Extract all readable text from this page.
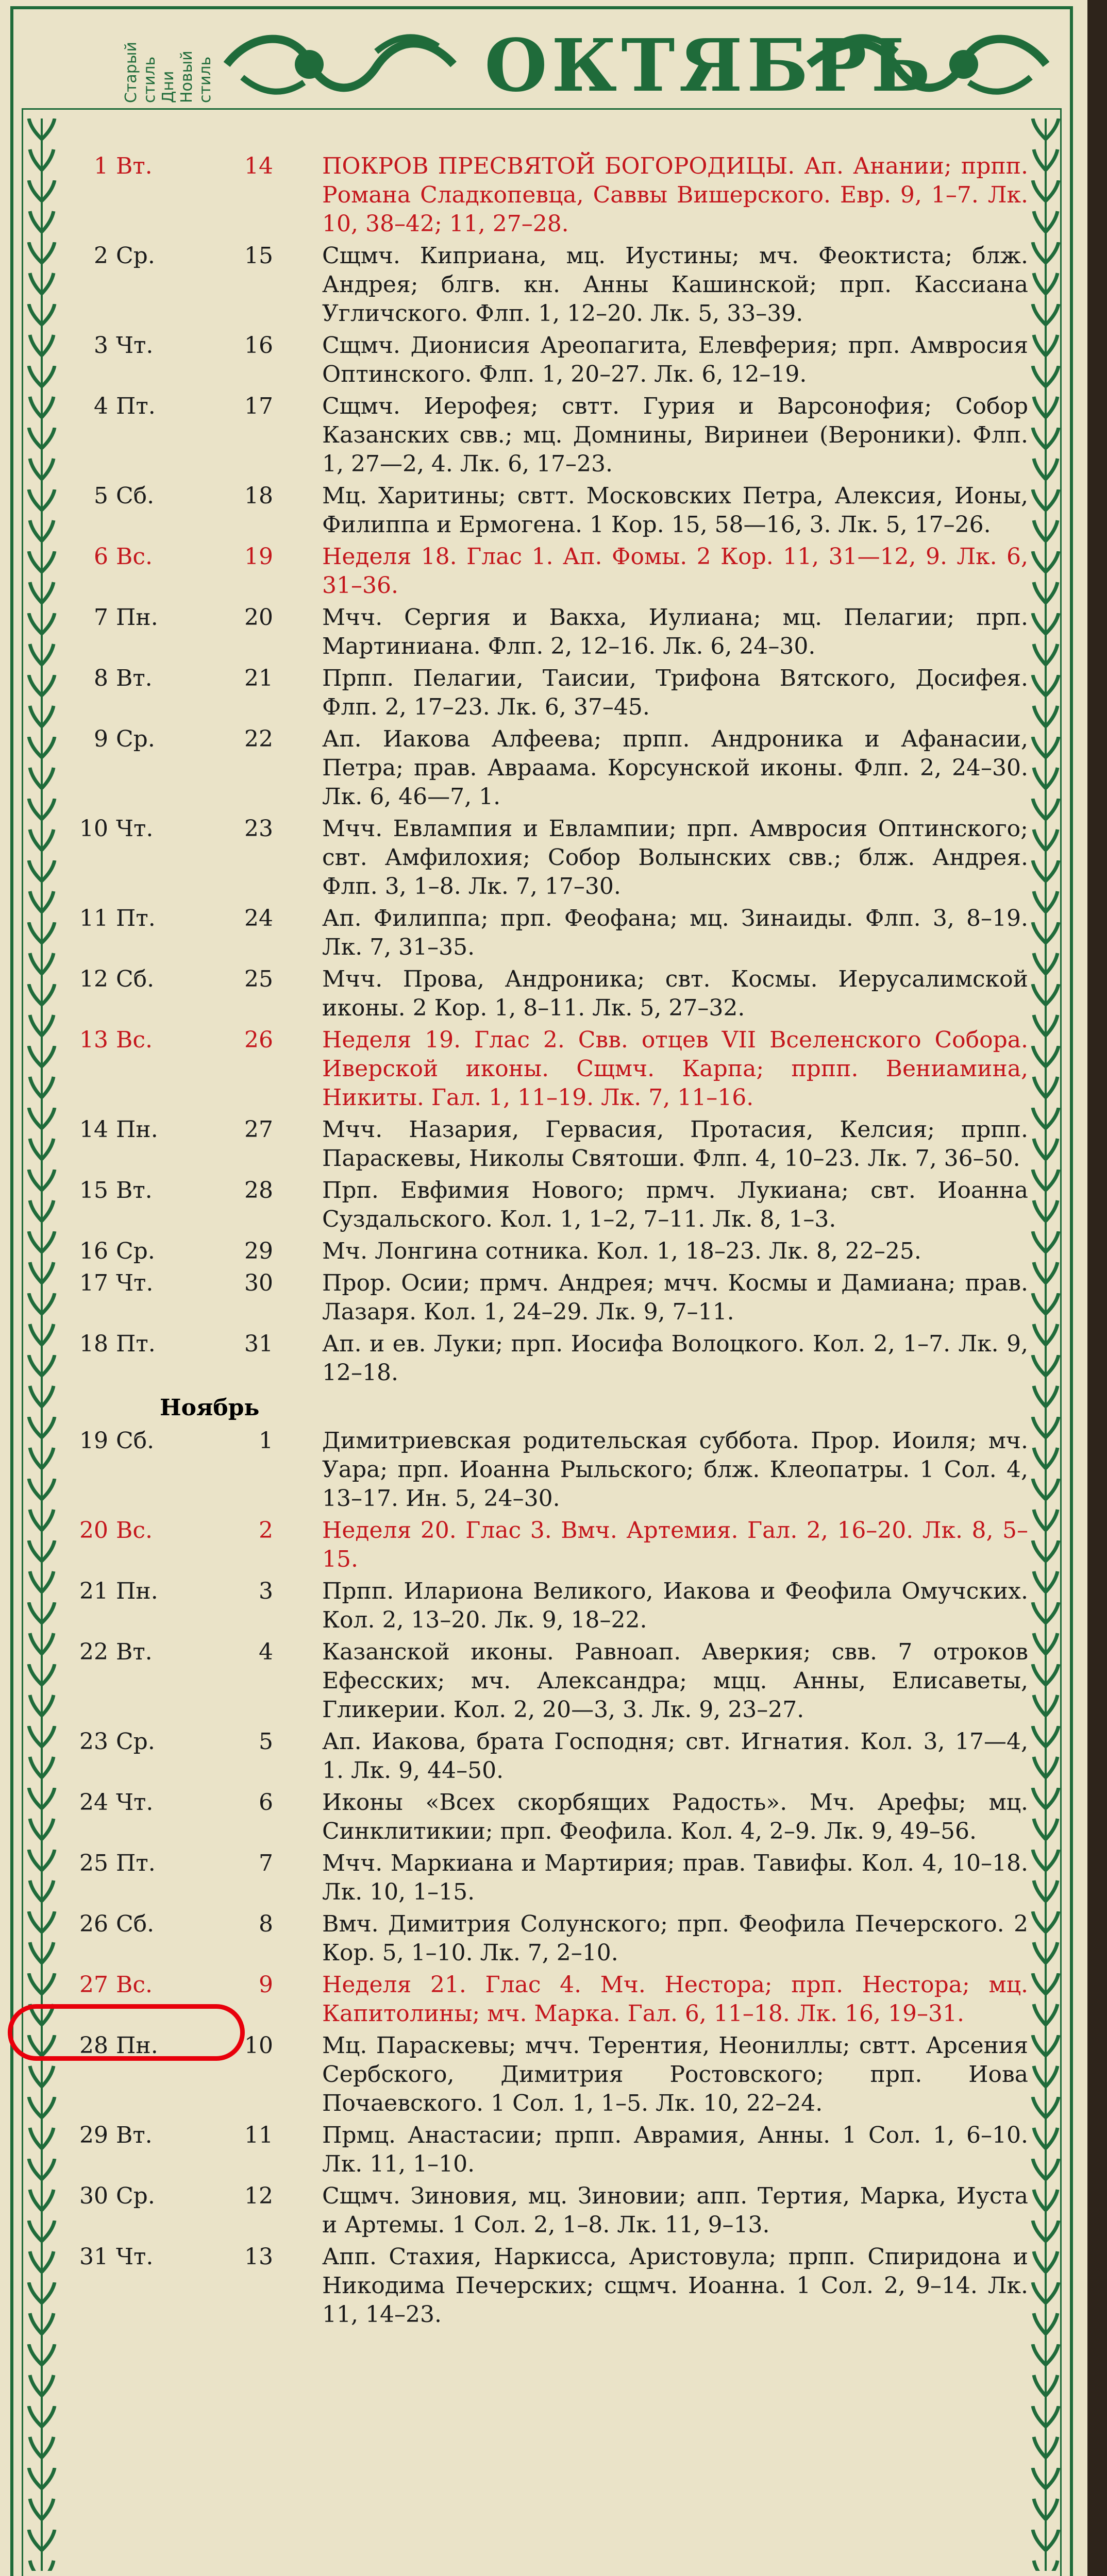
Старый стиль Дни Новый стиль	ОКТЯБРЬ
1 Вт.	14 ПОКРОВ ПРЕСВЯТОЙ БОГОРОДИЦЫ. Ап. Анании; прпп. Романа Сладкопевца, Саввы Вишерского. Евр. 9, 1–7. Лк. 10, 38–42; 11, 27–28.
2 Ср.	15 Сщмч. Киприана, мц. Иустины; мч. Феоктиста; блж. Андрея; блгв. кн. Анны Кашинской; прп. Кассиана Угличского. Флп. 1, 12–20. Лк. 5, 33–39.
3 Чт.	16 Сщмч. Дионисия Ареопагита, Елевферия; прп. Амвросия Оптинского. Флп. 1, 20–27. Лк. 6, 12–19.
4 Пт.	17 Сщмч. Иерофея; свтт. Гурия и Варсонофия; Собор Казанских свв.; мц. Домнины, Виринеи (Вероники). Флп. 1, 27—2, 4. Лк. 6, 17–23.
5 Сб.	18 Мц. Харитины; свтт. Московских Петра, Алексия, Ионы, Филиппа и Ермогена. 1 Кор. 15, 58—16, 3. Лк. 5, 17–26.
6 Вс.	19 Неделя 18. Глас 1. Ап. Фомы. 2 Кор. 11, 31—12, 9. Лк. 6, 31–36.
7 Пн.	20 Мчч. Сергия и Вакха, Иулиана; мц. Пелагии; прп. Мартиниана. Флп. 2, 12–16. Лк. 6, 24–30.
8 Вт.	21 Прпп. Пелагии, Таисии, Трифона Вятского, Досифея. Флп. 2, 17–23. Лк. 6, 37–45.
9 Ср.	22 Ап. Иакова Алфеева; прпп. Андроника и Афанасии, Петра; прав. Авраама. Корсунской иконы. Флп. 2, 24–30. Лк. 6, 46—7, 1.
10 Чт.	23 Мчч. Евлампия и Евлампии; прп. Амвросия Оптинского; свт. Амфилохия; Собор Волынских свв.; блж. Андрея. Флп. 3, 1–8. Лк. 7, 17–30.
11 Пт.	24 Ап. Филиппа; прп. Феофана; мц. Зинаиды. Флп. 3, 8–19. Лк. 7, 31–35.
12 Сб.	25 Мчч. Прова, Андроника; свт. Космы. Иерусалимской иконы. 2 Кор. 1, 8–11. Лк. 5, 27–32.
13 Вс.	26 Неделя 19. Глас 2. Свв. отцев VII Вселенского Собора. Иверской иконы. Сщмч. Карпа; прпп. Вениамина, Никиты. Гал. 1, 11–19. Лк. 7, 11–16.
14 Пн.	27 Мчч. Назария, Гервасия, Протасия, Келсия; прпп. Параскевы, Николы Святоши. Флп. 4, 10–23. Лк. 7, 36–50.
15 Вт.	28 Прп. Евфимия Нового; прмч. Лукиана; свт. Иоанна Суздальского. Кол. 1, 1–2, 7–11. Лк. 8, 1–3.
16 Ср.	29 Мч. Лонгина сотника. Кол. 1, 18–23. Лк. 8, 22–25.
17 Чт.	30 Прор. Осии; прмч. Андрея; мчч. Космы и Дамиана; прав. Лазаря. Кол. 1, 24–29. Лк. 9, 7–11.
18 Пт.	31 Ап. и ев. Луки; прп. Иосифа Волоцкого. Кол. 2, 1–7. Лк. 9, 12–18.
Ноябрь
19 Сб.	1 Димитриевская родительская суббота. Прор. Иоиля; мч. Уара; прп. Иоанна Рыльского; блж. Клеопатры. 1 Сол. 4, 13–17. Ин. 5, 24–30.
20 Вс.	2 Неделя 20. Глас 3. Вмч. Артемия. Гал. 2, 16–20. Лк. 8, 5–15.
21 Пн.	3 Прпп. Илариона Великого, Иакова и Феофила Омучских. Кол. 2, 13–20. Лк. 9, 18–22.
22 Вт.	4 Казанской иконы. Равноап. Аверкия; свв. 7 отроков Ефесских; мч. Александра; мцц. Анны, Елисаветы, Гликерии. Кол. 2, 20—3, 3. Лк. 9, 23–27.
23 Ср.	5 Ап. Иакова, брата Господня; свт. Игнатия. Кол. 3, 17—4, 1. Лк. 9, 44–50.
24 Чт.	6 Иконы «Всех скорбящих Радость». Мч. Арефы; мц. Синклитикии; прп. Феофила. Кол. 4, 2–9. Лк. 9, 49–56.
25 Пт.	7 Мчч. Маркиана и Мартирия; прав. Тавифы. Кол. 4, 10–18. Лк. 10, 1–15.
26 Сб.	8 Вмч. Димитрия Солунского; прп. Феофила Печерского. 2 Кор. 5, 1–10. Лк. 7, 2–10.
27 Вс.	9 Неделя 21. Глас 4. Мч. Нестора; прп. Нестора; мц. Капитолины; мч. Марка. Гал. 6, 11–18. Лк. 16, 19–31.
28 Пн.	10 Мц. Параскевы; мчч. Терентия, Неониллы; свтт. Арсения Сербского, Димитрия Ростовского; прп. Иова Почаевского. 1 Сол. 1, 1–5. Лк. 10, 22–24.
29 Вт.	11 Прмц. Анастасии; прпп. Аврамия, Анны. 1 Сол. 1, 6–10. Лк. 11, 1–10.
30 Ср.	12 Сщмч. Зиновия, мц. Зиновии; апп. Тертия, Марка, Иуста и Артемы. 1 Сол. 2, 1–8. Лк. 11, 9–13.
31 Чт.	13 Апп. Стахия, Наркисса, Аристовула; прпп. Спиридона и Никодима Печерских; сщмч. Иоанна. 1 Сол. 2, 9–14. Лк. 11, 14–23.
